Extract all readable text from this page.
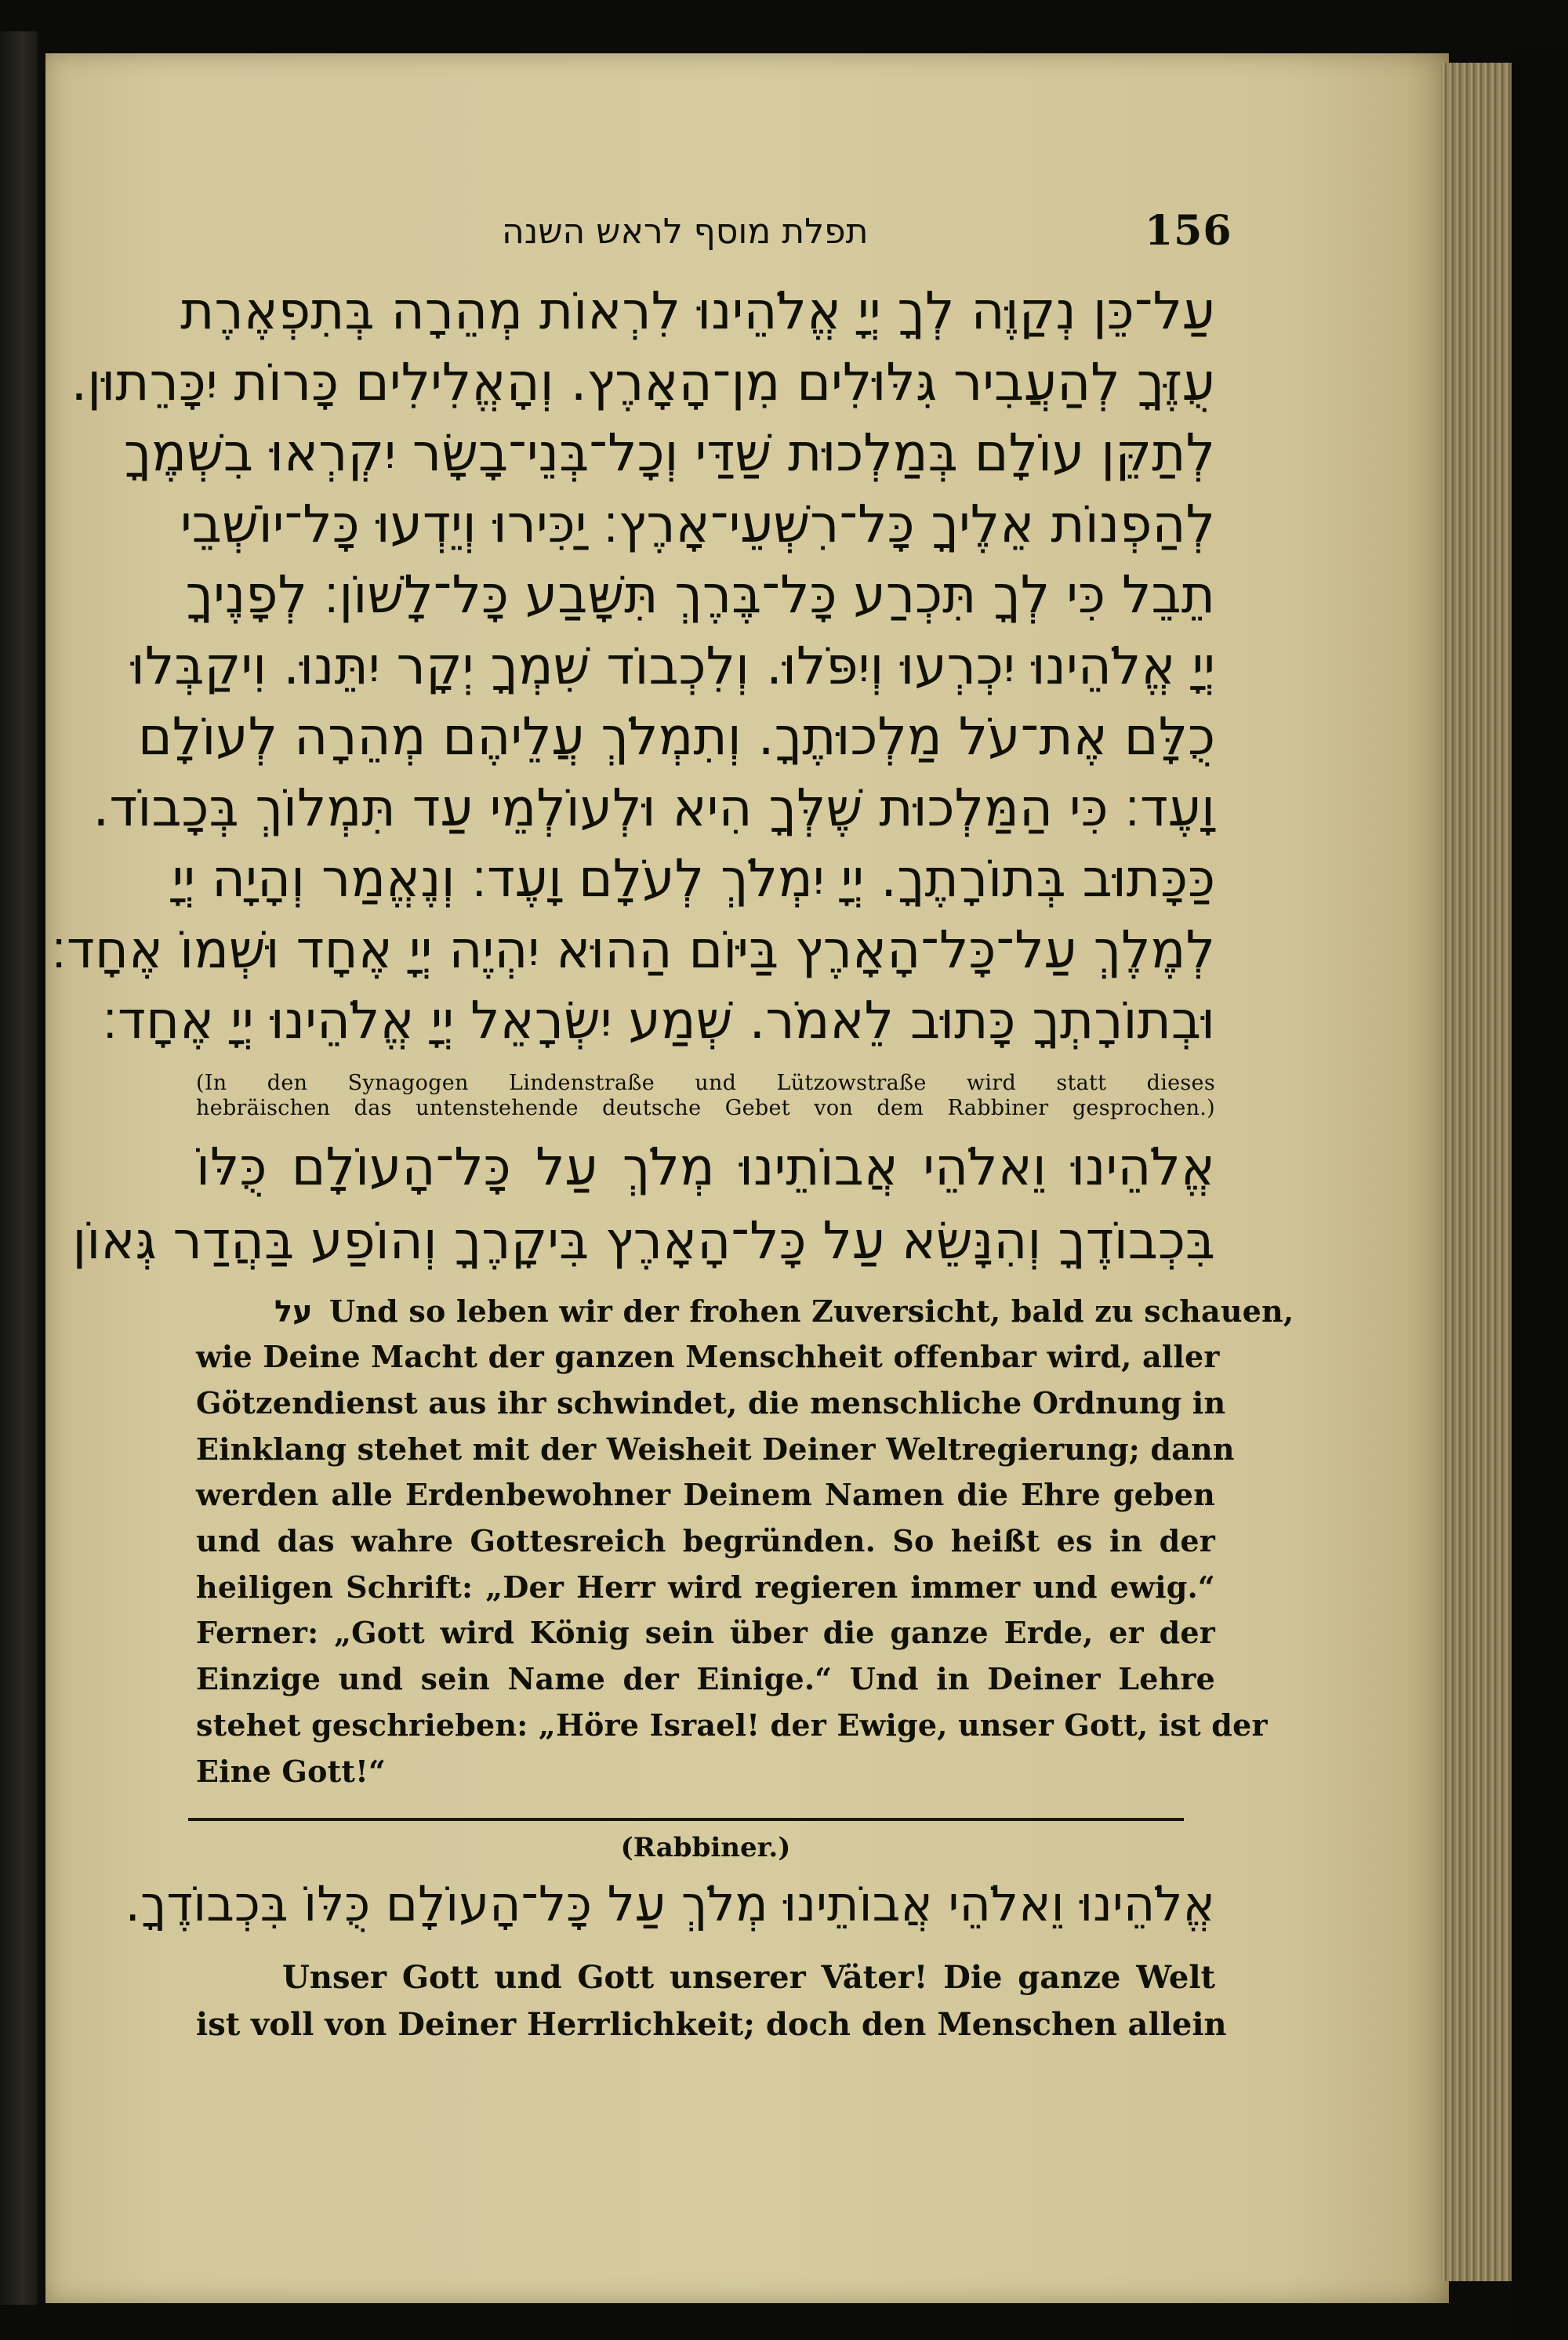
תפלת מוסף לראש השנה	156
עַל־כֵּן נְקַוֶּה לְךָ יְיָ אֱלֹהֵינוּ לִרְאוֹת מְהֵרָה בְּתִפְאֶרֶת
עֻזֶּךָ לְהַעֲבִיר גִּלּוּלִים מִן־הָאָרֶץ. וְהָאֱלִילִים כָּרוֹת יִכָּרֵתוּן.
לְתַקֵּן עוֹלָם בְּמַלְכוּת שַׁדַּי וְכָל־בְּנֵי־בָשָׂר יִקְרְאוּ בִשְׁמֶךָ
לְהַפְנוֹת אֵלֶיךָ כָּל־רִשְׁעֵי־אָרֶץ׃ יַכִּירוּ וְיֵדְעוּ כָּל־יוֹשְׁבֵי
תֵבֵל כִּי לְךָ תִּכְרַע כָּל־בֶּרֶךְ תִּשָּׁבַע כָּל־לָשׁוֹן׃ לְפָנֶיךָ
יְיָ אֱלֹהֵינוּ יִכְרְעוּ וְיִפֹּלוּ. וְלִכְבוֹד שִׁמְךָ יְקָר יִתֵּנוּ. וִיקַבְּלוּ
כֻלָּם אֶת־עֹל מַלְכוּתֶךָ. וְתִמְלֹךְ עֲלֵיהֶם מְהֵרָה לְעוֹלָם
וָעֶד׃ כִּי הַמַּלְכוּת שֶׁלְּךָ הִיא וּלְעוֹלְמֵי עַד תִּמְלוֹךְ בְּכָבוֹד.
כַּכָּתוּב בְּתוֹרָתֶךָ. יְיָ יִמְלֹךְ לְעֹלָם וָעֶד׃ וְנֶאֱמַר וְהָיָה יְיָ
לְמֶלֶךְ עַל־כָּל־הָאָרֶץ בַּיּוֹם הַהוּא יִהְיֶה יְיָ אֶחָד וּשְׁמוֹ אֶחָד׃
וּבְתוֹרָתְךָ כָּתוּב לֵאמֹר. שְׁמַע יִשְׂרָאֵל יְיָ אֱלֹהֵינוּ יְיָ אֶחָד׃
(In den Synagogen Lindenstraße und Lützowstraße wird statt dieses
hebräischen das untenstehende deutsche Gebet von dem Rabbiner gesprochen.)
אֱלֹהֵינוּ וֵאלֹהֵי אֲבוֹתֵינוּ מְלֹךְ עַל כָּל־הָעוֹלָם כֻּלּוֹ
בִּכְבוֹדֶךָ וְהִנָּשֵׂא עַל כָּל־הָאָרֶץ בִּיקָרֶךָ וְהוֹפַע בַּהֲדַר גְּאוֹן
על Und so leben wir der frohen Zuversicht, bald zu schauen,
wie Deine Macht der ganzen Menschheit offenbar wird, aller
Götzendienst aus ihr schwindet, die menschliche Ordnung in
Einklang stehet mit der Weisheit Deiner Weltregierung; dann
werden alle Erdenbewohner Deinem Namen die Ehre geben
und das wahre Gottesreich begründen. So heißt es in der
heiligen Schrift: „Der Herr wird regieren immer und ewig.“
Ferner: „Gott wird König sein über die ganze Erde, er der
Einzige und sein Name der Einige.“ Und in Deiner Lehre
stehet geschrieben: „Höre Israel! der Ewige, unser Gott, ist der
Eine Gott!“
(Rabbiner.)
אֱלֹהֵינוּ וֵאלֹהֵי אֲבוֹתֵינוּ מְלֹךְ עַל כָּל־הָעוֹלָם כֻּלּוֹ בִּכְבוֹדֶךָ.
Unser Gott und Gott unserer Väter! Die ganze Welt
ist voll von Deiner Herrlichkeit; doch den Menschen allein
